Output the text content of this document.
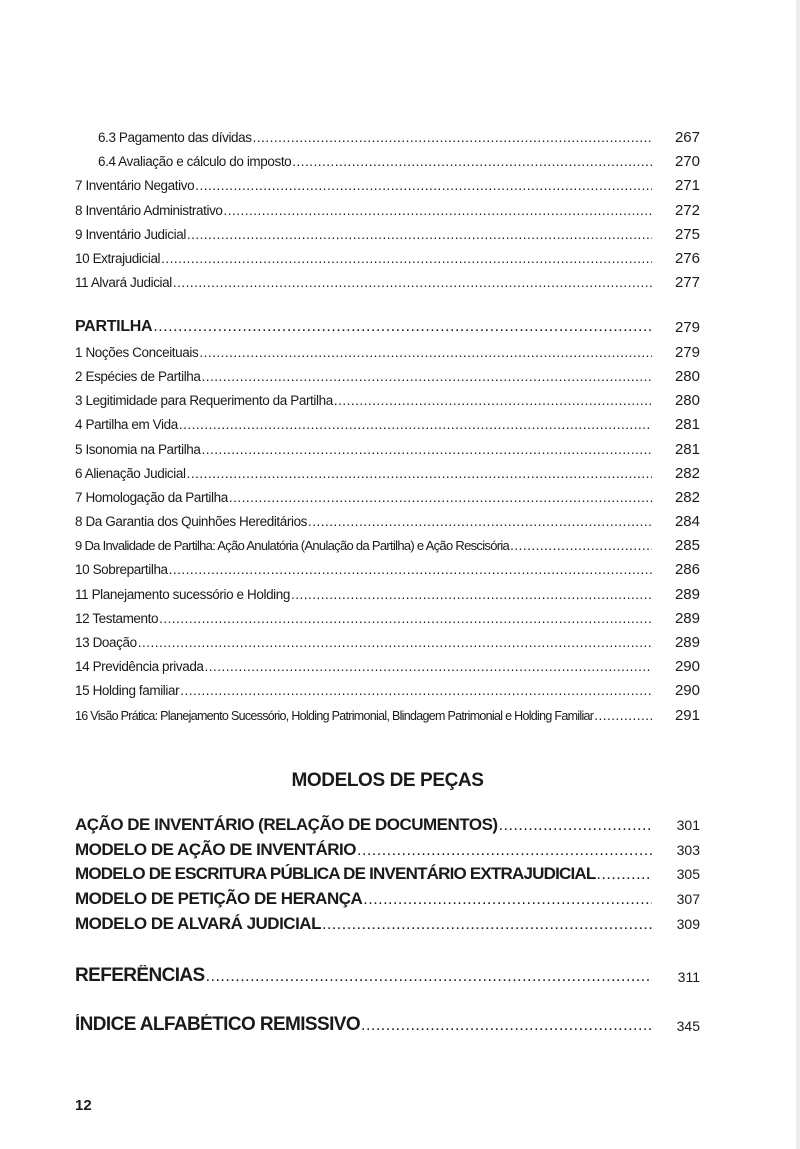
6.3 Pagamento das dívidas .....	267
6.4 Avaliação e cálculo do imposto .....	270
7 Inventário Negativo .....	271
8 Inventário Administrativo .....	272
9 Inventário Judicial .....	275
10 Extrajudicial .....	276
11 Alvará Judicial .....	277
PARTILHA .....	279
1 Noções Conceituais .....	279
2 Espécies de Partilha .....	280
3 Legitimidade para Requerimento da Partilha .....	280
4 Partilha em Vida .....	281
5 Isonomia na Partilha .....	281
6 Alienação Judicial .....	282
7 Homologação da Partilha .....	282
8 Da Garantia dos Quinhões Hereditários .....	284
9 Da Invalidade de Partilha: Ação Anulatória (Anulação da Partilha) e Ação Rescisória .....	285
10 Sobrepartilha .....	286
11 Planejamento sucessório e Holding .....	289
12 Testamento .....	289
13 Doação .....	289
14 Previdência privada .....	290
15 Holding familiar .....	290
16 Visão Prática: Planejamento Sucessório, Holding Patrimonial, Blindagem Patrimonial e Holding Familiar .....	291
MODELOS DE PEÇAS
AÇÃO DE INVENTÁRIO (RELAÇÃO DE DOCUMENTOS) .....	301
MODELO DE AÇÃO DE INVENTÁRIO .....	303
MODELO DE ESCRITURA PÚBLICA DE INVENTÁRIO EXTRAJUDICIAL .....	305
MODELO DE PETIÇÃO DE HERANÇA .....	307
MODELO DE ALVARÁ JUDICIAL .....	309
REFERÊNCIAS .....	311
ÍNDICE ALFABÉTICO REMISSIVO .....	345
12
